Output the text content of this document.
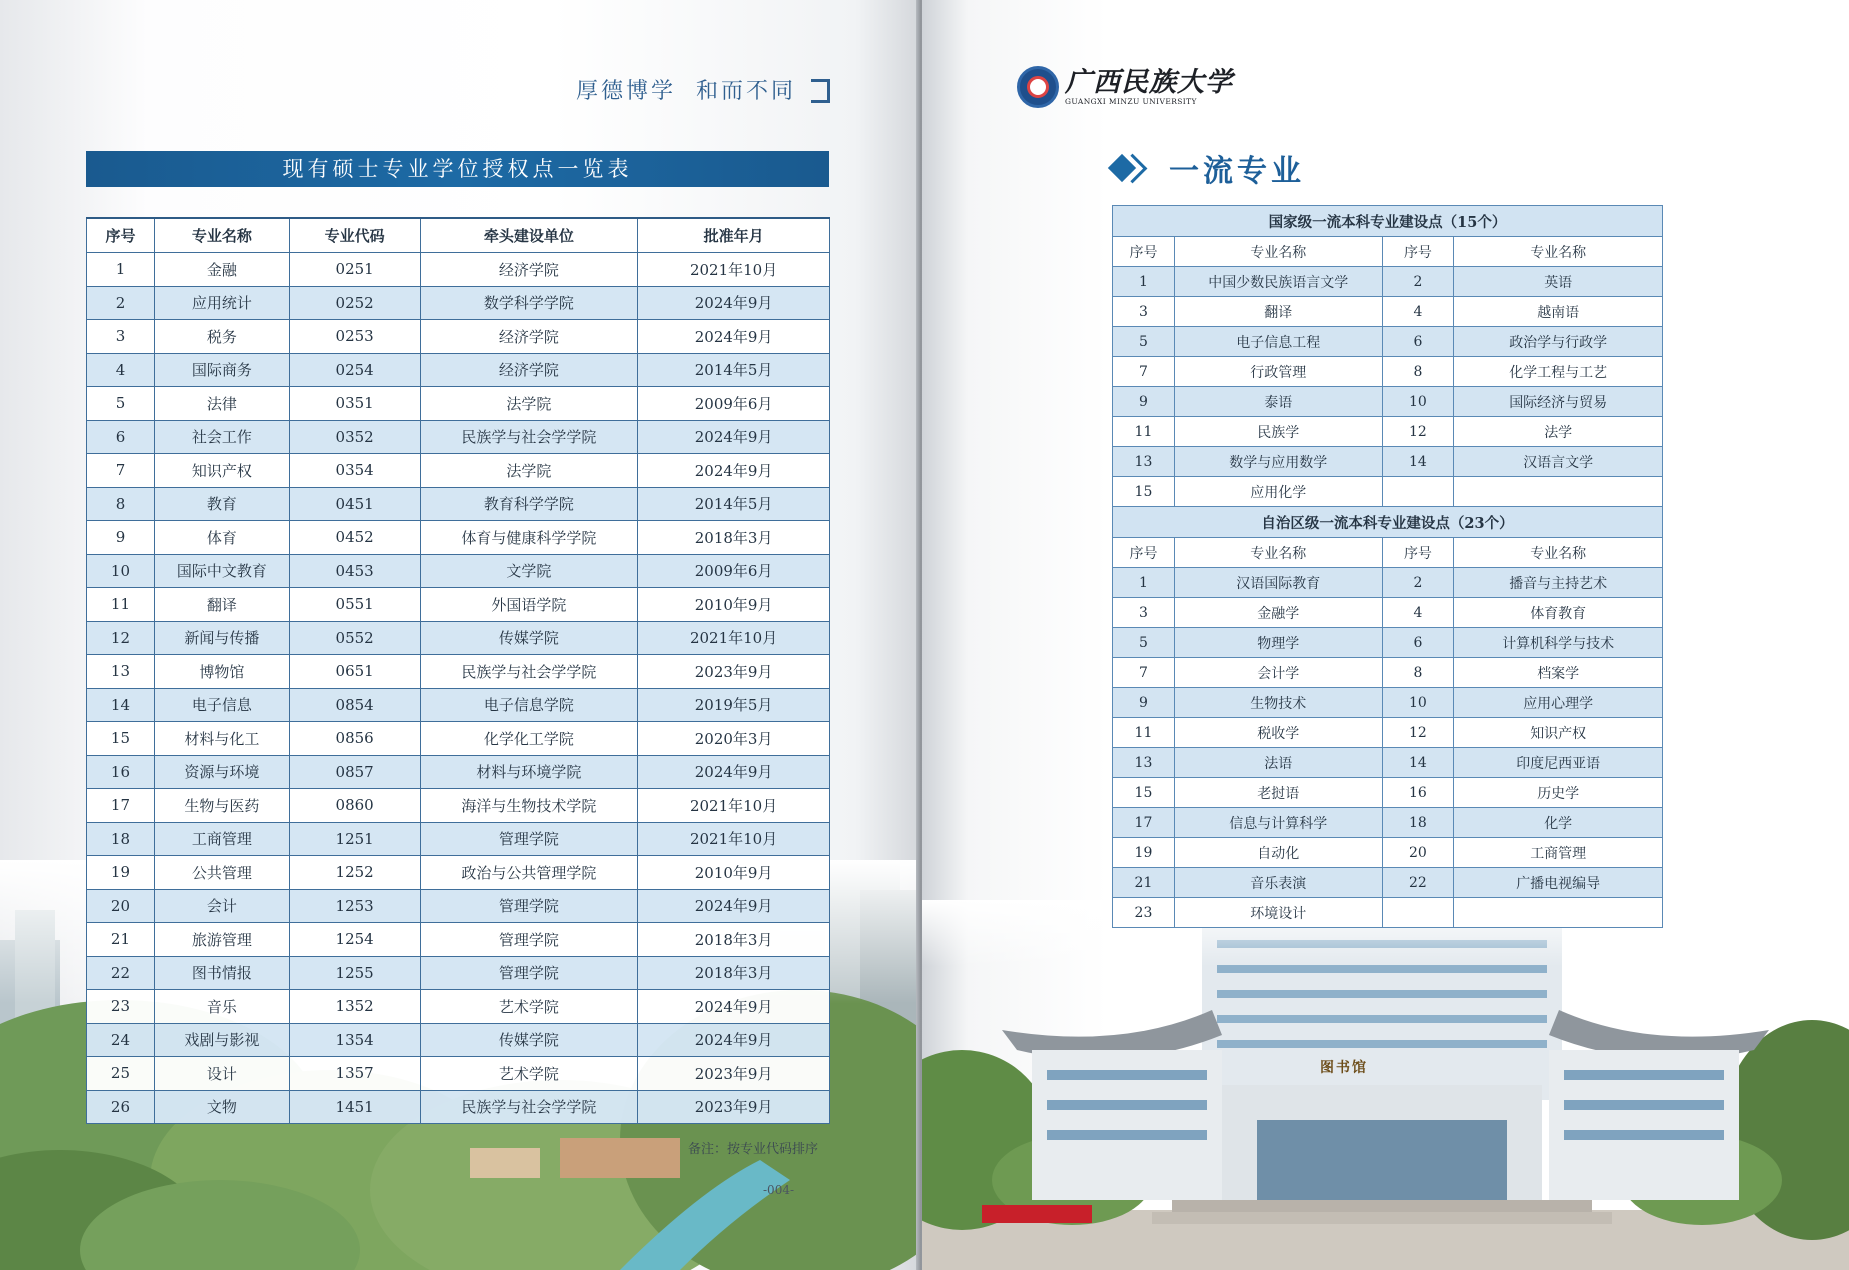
厚德博学 和而不同
现有硕士专业学位授权点一览表
序号	专业名称	专业代码	牵头建设单位	批准年月
1	金融	0251	经济学院	2021年10月
2	应用统计	0252	数学科学学院	2024年9月
3	税务	0253	经济学院	2024年9月
4	国际商务	0254	经济学院	2014年5月
5	法律	0351	法学院	2009年6月
6	社会工作	0352	民族学与社会学学院	2024年9月
7	知识产权	0354	法学院	2024年9月
8	教育	0451	教育科学学院	2014年5月
9	体育	0452	体育与健康科学学院	2018年3月
10	国际中文教育	0453	文学院	2009年6月
11	翻译	0551	外国语学院	2010年9月
12	新闻与传播	0552	传媒学院	2021年10月
13	博物馆	0651	民族学与社会学学院	2023年9月
14	电子信息	0854	电子信息学院	2019年5月
15	材料与化工	0856	化学化工学院	2020年3月
16	资源与环境	0857	材料与环境学院	2024年9月
17	生物与医药	0860	海洋与生物技术学院	2021年10月
18	工商管理	1251	管理学院	2021年10月
19	公共管理	1252	政治与公共管理学院	2010年9月
20	会计	1253	管理学院	2024年9月
21	旅游管理	1254	管理学院	2018年3月
22	图书情报	1255	管理学院	2018年3月
23	音乐	1352	艺术学院	2024年9月
24	戏剧与影视	1354	传媒学院	2024年9月
25	设计	1357	艺术学院	2023年9月
26	文物	1451	民族学与社会学学院	2023年9月
备注：按专业代码排序
-004-
图书馆
广西民族大学
GUANGXI MINZU UNIVERSITY
一流专业
国家级一流本科专业建设点（15个）			
序号	专业名称	序号	专业名称
1	中国少数民族语言文学	2	英语
3	翻译	4	越南语
5	电子信息工程	6	政治学与行政学
7	行政管理	8	化学工程与工艺
9	泰语	10	国际经济与贸易
11	民族学	12	法学
13	数学与应用数学	14	汉语言文学
15	应用化学		
自治区级一流本科专业建设点（23个）			
序号	专业名称	序号	专业名称
1	汉语国际教育	2	播音与主持艺术
3	金融学	4	体育教育
5	物理学	6	计算机科学与技术
7	会计学	8	档案学
9	生物技术	10	应用心理学
11	税收学	12	知识产权
13	法语	14	印度尼西亚语
15	老挝语	16	历史学
17	信息与计算科学	18	化学
19	自动化	20	工商管理
21	音乐表演	22	广播电视编导
23	环境设计		
